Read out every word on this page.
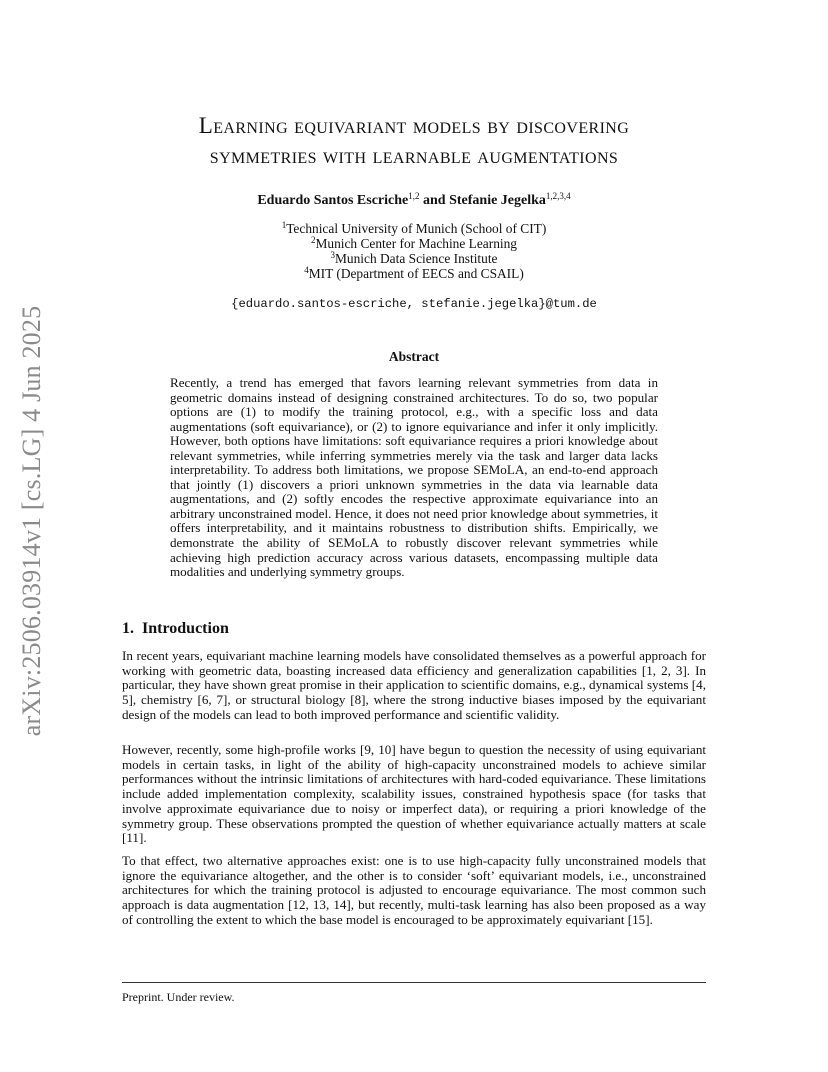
arXiv:2506.03914v1 [cs.LG] 4 Jun 2025
Learning equivariant models by discovering
symmetries with learnable augmentations
Eduardo Santos Escriche$^{1,2}$ and Stefanie Jegelka$^{1,2,3,4}$
$^1$Technical University of Munich (School of CIT)
$^2$Munich Center for Machine Learning
$^3$Munich Data Science Institute
$^4$MIT (Department of EECS and CSAIL)
{eduardo.santos-escriche, stefanie.jegelka}@tum.de
Abstract

Recently, a trend has emerged that favors learning relevant symmetries from data in geometric domains instead of designing constrained architectures. To do so, two popular options are (1) to modify the training protocol, e.g., with a specific loss and data augmentations (soft equivariance), or (2) to ignore equivariance and infer it only implicitly. However, both options have limitations: soft equivariance requires a priori knowledge about relevant symmetries, while inferring symmetries merely via the task and larger data lacks interpretability. To address both limitations, we propose SEMoLA, an end-to-end approach that jointly (1) discovers a priori unknown symmetries in the data via learnable data augmentations, and (2) softly encodes the respective approximate equivariance into an arbitrary unconstrained model. Hence, it does not need prior knowledge about symmetries, it offers interpretability, and it maintains robustness to distribution shifts. Empirically, we demonstrate the ability of SEMoLA to robustly discover relevant symmetries while achieving high prediction accuracy across various datasets, encompassing multiple data modalities and underlying symmetry groups.

1. Introduction

In recent years, equivariant machine learning models have consolidated themselves as a powerful approach for working with geometric data, boasting increased data efficiency and generalization capabilities [1, 2, 3]. In particular, they have shown great promise in their application to scientific domains, e.g., dynamical systems [4, 5], chemistry [6, 7], or structural biology [8], where the strong inductive biases imposed by the equivariant design of the models can lead to both improved performance and scientific validity.

However, recently, some high-profile works [9, 10] have begun to question the necessity of using equivariant models in certain tasks, in light of the ability of high-capacity unconstrained models to achieve similar performances without the intrinsic limitations of architectures with hard-coded equivariance. These limitations include added implementation complexity, scalability issues, constrained hypothesis space (for tasks that involve approximate equivariance due to noisy or imperfect data), or requiring a priori knowledge of the symmetry group. These observations prompted the question of whether equivariance actually matters at scale [11].

To that effect, two alternative approaches exist: one is to use high-capacity fully unconstrained models that ignore the equivariance altogether, and the other is to consider ‘soft’ equivariant models, i.e., unconstrained architectures for which the training protocol is adjusted to encourage equivariance. The most common such approach is data augmentation [12, 13, 14], but recently, multi-task learning has also been proposed as a way of controlling the extent to which the base model is encouraged to be approximately equivariant [15].

Preprint. Under review.
